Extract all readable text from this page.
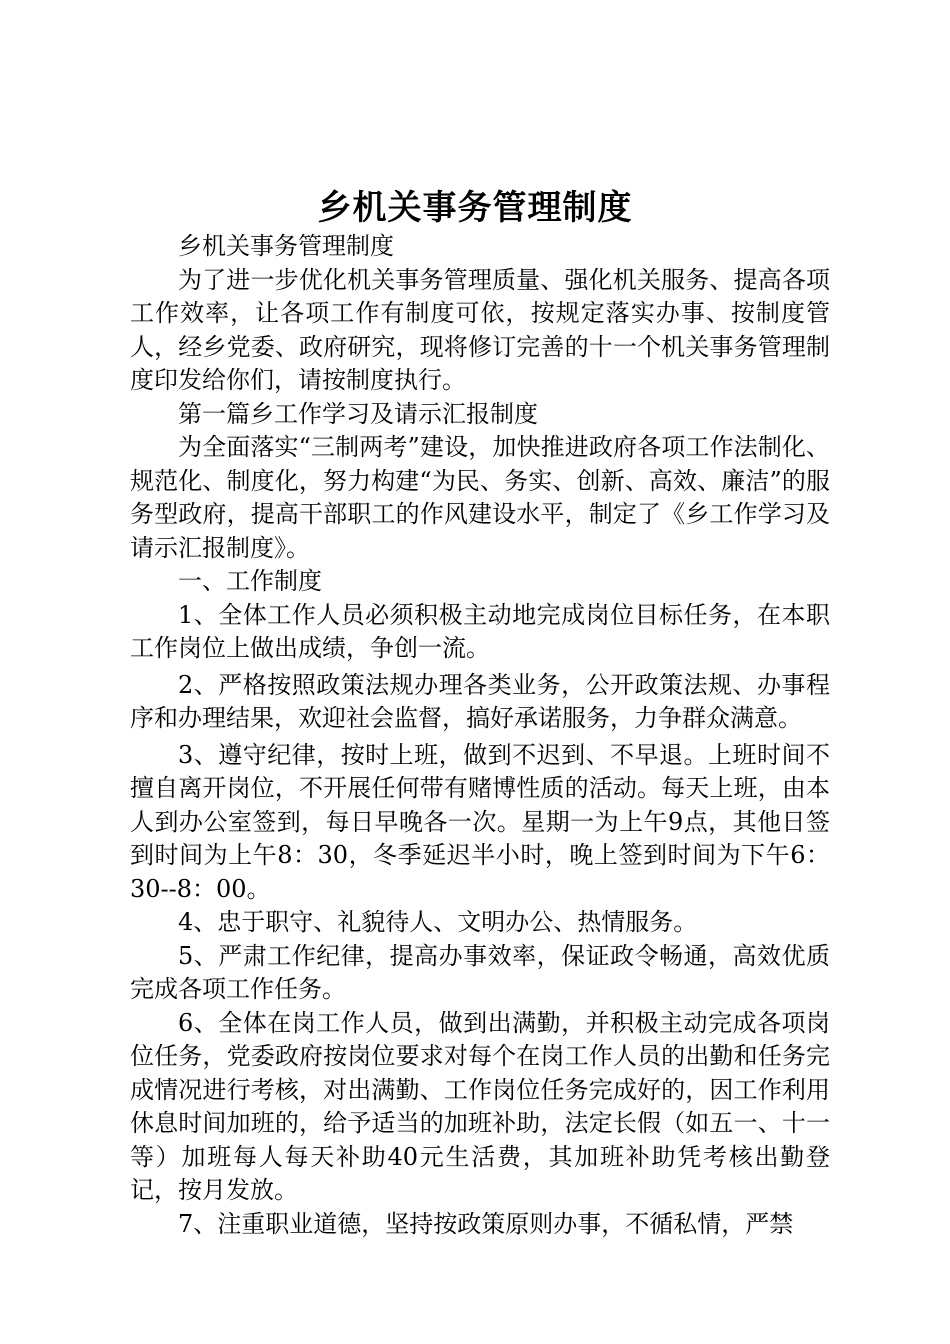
乡机关事务管理制度

乡机关事务管理制度

为了进一步优化机关事务管理质量、强化机关服务、提高各项工作效率，让各项工作有制度可依，按规定落实办事、按制度管人，经乡党委、政府研究，现将修订完善的十一个机关事务管理制度印发给你们，请按制度执行。

第一篇乡工作学习及请示汇报制度

为全面落实“三制两考”建设，加快推进政府各项工作法制化、规范化、制度化，努力构建“为民、务实、创新、高效、廉洁”的服务型政府，提高干部职工的作风建设水平，制定了《乡工作学习及请示汇报制度》。

一、工作制度

1、全体工作人员必须积极主动地完成岗位目标任务，在本职工作岗位上做出成绩，争创一流。

2、严格按照政策法规办理各类业务，公开政策法规、办事程序和办理结果，欢迎社会监督，搞好承诺服务，力争群众满意。

3、遵守纪律，按时上班，做到不迟到、不早退。上班时间不擅自离开岗位，不开展任何带有赌博性质的活动。每天上班，由本人到办公室签到，每日早晚各一次。星期一为上午9点，其他日签到时间为上午8：30，冬季延迟半小时，晚上签到时间为下午6：30--8：00。

4、忠于职守、礼貌待人、文明办公、热情服务。

5、严肃工作纪律，提高办事效率，保证政令畅通，高效优质完成各项工作任务。

6、全体在岗工作人员，做到出满勤，并积极主动完成各项岗位任务，党委政府按岗位要求对每个在岗工作人员的出勤和任务完成情况进行考核，对出满勤、工作岗位任务完成好的，因工作利用休息时间加班的，给予适当的加班补助，法定长假（如五一、十一等）加班每人每天补助40元生活费，其加班补助凭考核出勤登记，按月发放。

7、注重职业道德，坚持按政策原则办事，不循私情，严禁
